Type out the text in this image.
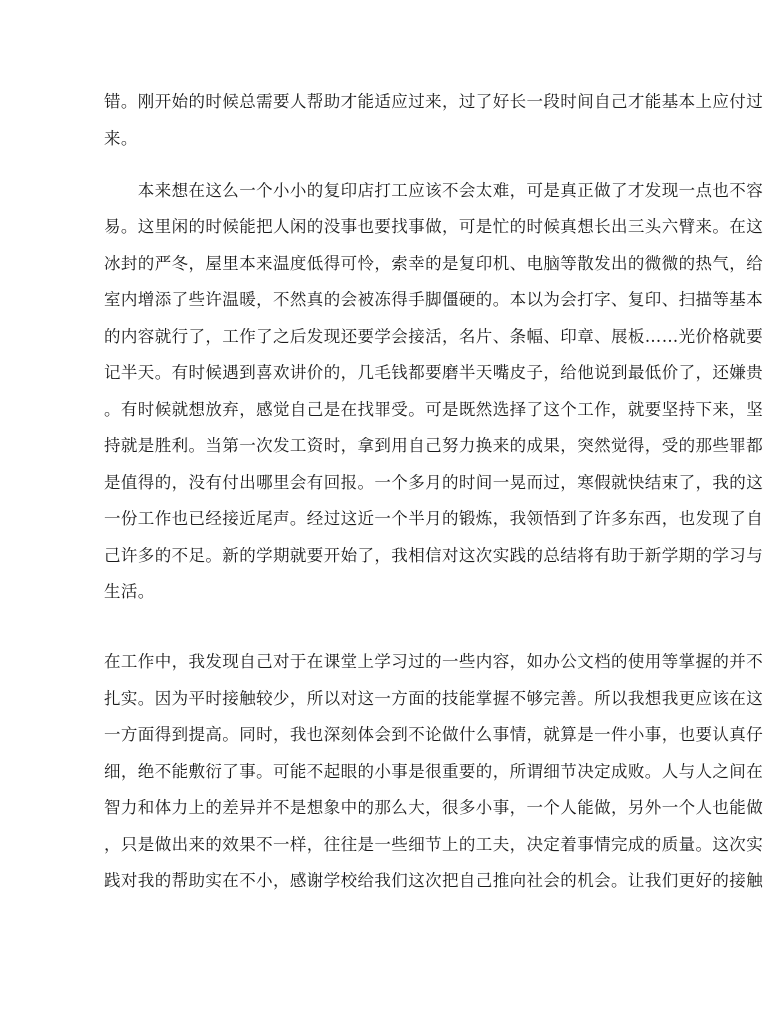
错。刚开始的时候总需要人帮助才能适应过来，过了好长一段时间自己才能基本上应付过
来。
　　本来想在这么一个小小的复印店打工应该不会太难，可是真正做了才发现一点也不容
易。这里闲的时候能把人闲的没事也要找事做，可是忙的时候真想长出三头六臂来。在这
冰封的严冬，屋里本来温度低得可怜，索幸的是复印机、电脑等散发出的微微的热气，给
室内增添了些许温暖，不然真的会被冻得手脚僵硬的。本以为会打字、复印、扫描等基本
的内容就行了，工作了之后发现还要学会接活，名片、条幅、印章、展板……光价格就要
记半天。有时候遇到喜欢讲价的，几毛钱都要磨半天嘴皮子，给他说到最低价了，还嫌贵
。有时候就想放弃，感觉自己是在找罪受。可是既然选择了这个工作，就要坚持下来，坚
持就是胜利。当第一次发工资时，拿到用自己努力换来的成果，突然觉得，受的那些罪都
是值得的，没有付出哪里会有回报。一个多月的时间一晃而过，寒假就快结束了，我的这
一份工作也已经接近尾声。经过这近一个半月的锻炼，我领悟到了许多东西，也发现了自
己许多的不足。新的学期就要开始了，我相信对这次实践的总结将有助于新学期的学习与
生活。
在工作中，我发现自己对于在课堂上学习过的一些内容，如办公文档的使用等掌握的并不
扎实。因为平时接触较少，所以对这一方面的技能掌握不够完善。所以我想我更应该在这
一方面得到提高。同时，我也深刻体会到不论做什么事情，就算是一件小事，也要认真仔
细，绝不能敷衍了事。可能不起眼的小事是很重要的，所谓细节决定成败。人与人之间在
智力和体力上的差异并不是想象中的那么大，很多小事，一个人能做，另外一个人也能做
，只是做出来的效果不一样，往往是一些细节上的工夫，决定着事情完成的质量。这次实
践对我的帮助实在不小，感谢学校给我们这次把自己推向社会的机会。让我们更好的接触
